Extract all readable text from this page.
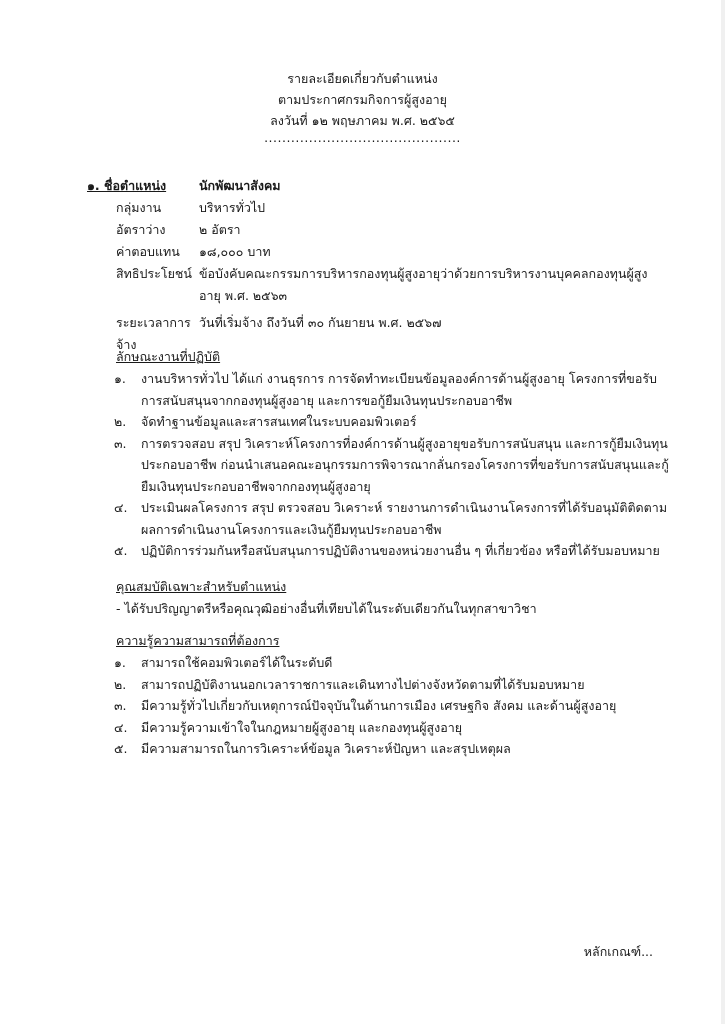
รายละเอียดเกี่ยวกับตำแหน่ง
ตามประกาศกรมกิจการผู้สูงอายุ
ลงวันที่ ๑๒ พฤษภาคม พ.ศ. ๒๕๖๕
............................................
๑. ชื่อตำแหน่ง	นักพัฒนาสังคม
กลุ่มงาน	บริหารทั่วไป
อัตราว่าง	๒ อัตรา
ค่าตอบแทน	๑๘,๐๐๐ บาท
สิทธิประโยชน์ ข้อบังคับคณะกรรมการบริหารกองทุนผู้สูงอายุว่าด้วยการบริหารงานบุคคลกองทุนผู้สูงอายุ พ.ศ. ๒๕๖๓
ระยะเวลาการจ้าง
วันที่เริ่มจ้าง ถึงวันที่ ๓๐ กันยายน พ.ศ. ๒๕๖๗
ลักษณะงานที่ปฏิบัติ
๑.	งานบริหารทั่วไป ได้แก่ งานธุรการ การจัดทำทะเบียนข้อมูลองค์การด้านผู้สูงอายุ โครงการที่ขอรับการสนับสนุนจากกองทุนผู้สูงอายุ และการขอกู้ยืมเงินทุนประกอบอาชีพ
๒.	จัดทำฐานข้อมูลและสารสนเทศในระบบคอมพิวเตอร์
๓.	การตรวจสอบ สรุป วิเคราะห์โครงการที่องค์การด้านผู้สูงอายุขอรับการสนับสนุน และการกู้ยืมเงินทุนประกอบอาชีพ ก่อนนำเสนอคณะอนุกรรมการพิจารณากลั่นกรองโครงการที่ขอรับการสนับสนุนและกู้ยืมเงินทุนประกอบอาชีพจากกองทุนผู้สูงอายุ
๔.	ประเมินผลโครงการ สรุป ตรวจสอบ วิเคราะห์ รายงานการดำเนินงานโครงการที่ได้รับอนุมัติติดตามผลการดำเนินงานโครงการและเงินกู้ยืมทุนประกอบอาชีพ
๕.	ปฏิบัติการร่วมกันหรือสนับสนุนการปฏิบัติงานของหน่วยงานอื่น ๆ ที่เกี่ยวข้อง หรือที่ได้รับมอบหมาย
คุณสมบัติเฉพาะสำหรับตำแหน่ง
- ได้รับปริญญาตรีหรือคุณวุฒิอย่างอื่นที่เทียบได้ในระดับเดียวกันในทุกสาขาวิชา
ความรู้ความสามารถที่ต้องการ
๑.	สามารถใช้คอมพิวเตอร์ได้ในระดับดี
๒.	สามารถปฏิบัติงานนอกเวลาราชการและเดินทางไปต่างจังหวัดตามที่ได้รับมอบหมาย
๓.	มีความรู้ทั่วไปเกี่ยวกับเหตุการณ์ปัจจุบันในด้านการเมือง เศรษฐกิจ สังคม และด้านผู้สูงอายุ
๔.	มีความรู้ความเข้าใจในกฎหมายผู้สูงอายุ และกองทุนผู้สูงอายุ
๕.	มีความสามารถในการวิเคราะห์ข้อมูล วิเคราะห์ปัญหา และสรุปเหตุผล
หลักเกณฑ์...
